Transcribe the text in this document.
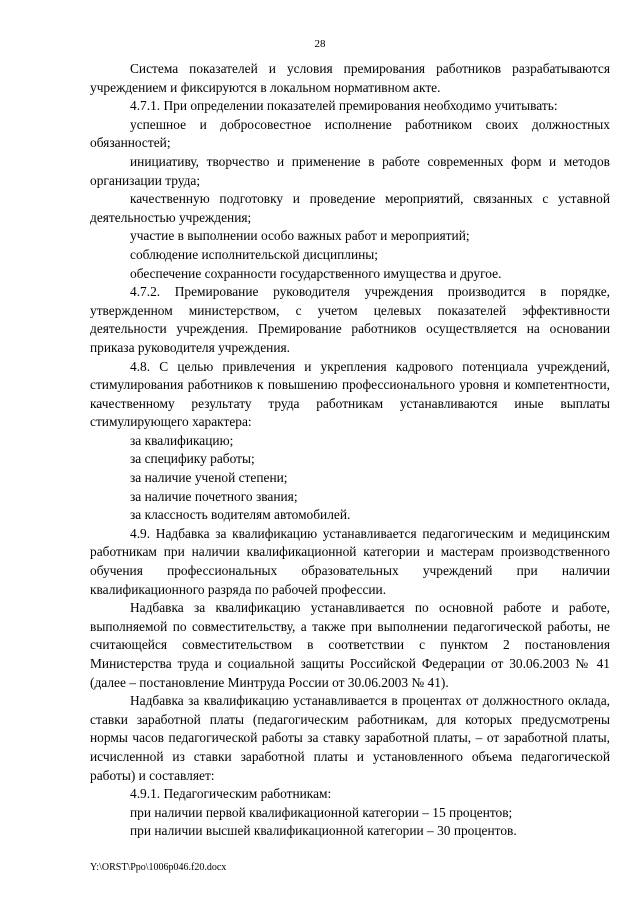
28

Система показателей и условия премирования работников разрабатываются учреждением и фиксируются в локальном нормативном акте.

4.7.1. При определении показателей премирования необходимо учитывать:

успешное и добросовестное исполнение работником своих должностных обязанностей;

инициативу, творчество и применение в работе современных форм и методов организации труда;

качественную подготовку и проведение мероприятий, связанных с уставной деятельностью учреждения;

участие в выполнении особо важных работ и мероприятий;

соблюдение исполнительской дисциплины;

обеспечение сохранности государственного имущества и другое.

4.7.2. Премирование руководителя учреждения производится в порядке, утвержденном министерством, с учетом целевых показателей эффективности деятельности учреждения. Премирование работников осуществляется на основании приказа руководителя учреждения.

4.8. С целью привлечения и укрепления кадрового потенциала учреждений, стимулирования работников к повышению профессионального уровня и компетентности, качественному результату труда работникам устанавливаются иные выплаты стимулирующего характера:

за квалификацию;

за специфику работы;

за наличие ученой степени;

за наличие почетного звания;

за классность водителям автомобилей.

4.9. Надбавка за квалификацию устанавливается педагогическим и медицинским работникам при наличии квалификационной категории и мастерам производственного обучения профессиональных образовательных учреждений при наличии квалификационного разряда по рабочей профессии.

Надбавка за квалификацию устанавливается по основной работе и работе, выполняемой по совместительству, а также при выполнении педагогической работы, не считающейся совместительством в соответствии с пунктом 2 постановления Министерства труда и социальной защиты Российской Федерации от 30.06.2003 № 41 (далее – постановление Минтруда России от 30.06.2003 № 41).

Надбавка за квалификацию устанавливается в процентах от должностного оклада, ставки заработной платы (педагогическим работникам, для которых предусмотрены нормы часов педагогической работы за ставку заработной платы, – от заработной платы, исчисленной из ставки заработной платы и установленного объема педагогической работы) и составляет:

4.9.1. Педагогическим работникам:

при наличии первой квалификационной категории – 15 процентов;

при наличии высшей квалификационной категории – 30 процентов.

Y:\ORST\Ppo\1006p046.f20.docx
